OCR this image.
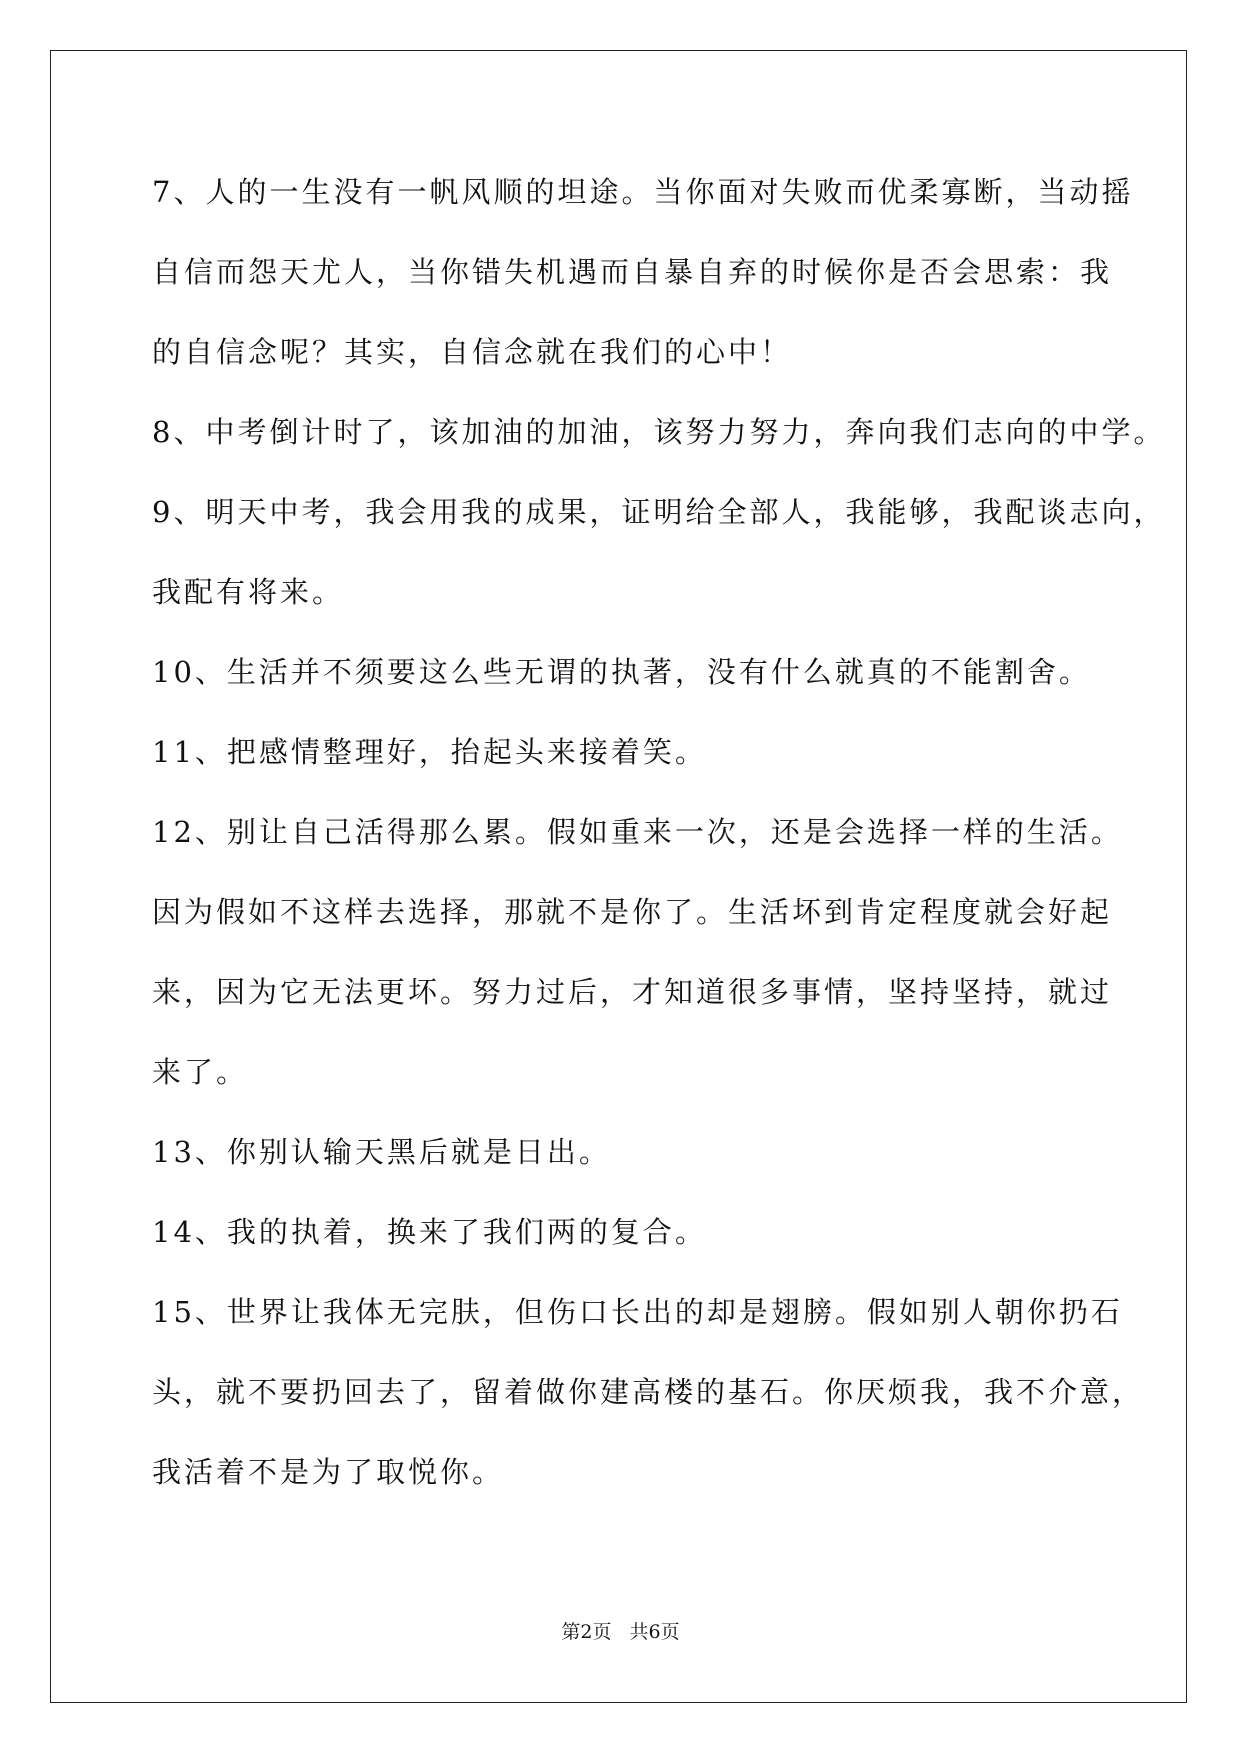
7、人的一生没有一帆风顺的坦途。当你面对失败而优柔寡断，当动摇
自信而怨天尤人，当你错失机遇而自暴自弃的时候你是否会思索：我
的自信念呢？其实，自信念就在我们的心中！
8、中考倒计时了，该加油的加油，该努力努力，奔向我们志向的中学。
9、明天中考，我会用我的成果，证明给全部人，我能够，我配谈志向，
我配有将来。
10、生活并不须要这么些无谓的执著，没有什么就真的不能割舍。
11、把感情整理好，抬起头来接着笑。
12、别让自己活得那么累。假如重来一次，还是会选择一样的生活。
因为假如不这样去选择，那就不是你了。生活坏到肯定程度就会好起
来，因为它无法更坏。努力过后，才知道很多事情，坚持坚持，就过
来了。
13、你别认输天黑后就是日出。
14、我的执着，换来了我们两的复合。
15、世界让我体无完肤，但伤口长出的却是翅膀。假如别人朝你扔石
头，就不要扔回去了，留着做你建高楼的基石。你厌烦我，我不介意，
我活着不是为了取悦你。
第2页 共6页
